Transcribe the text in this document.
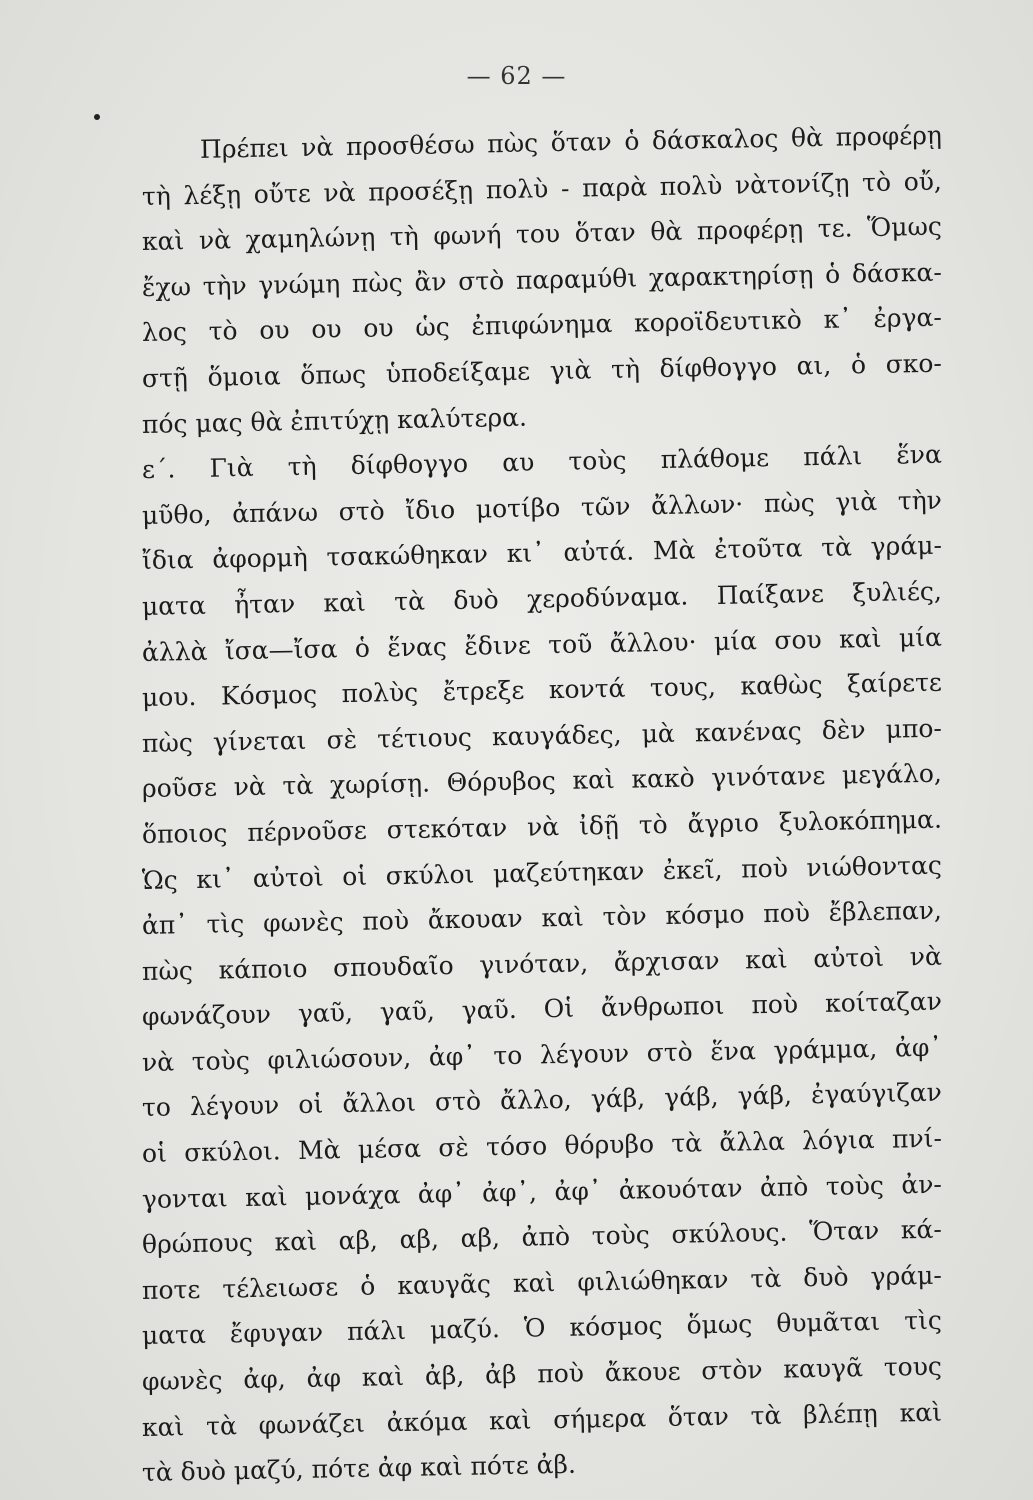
— 62 —
Πρέπει νὰ προσθέσω πὼς ὅταν ὁ δάσκαλος θὰ προφέρῃ
τὴ λέξῃ οὔτε νὰ προσέξῃ πολὺ - παρὰ πολὺ νὰτονίζῃ τὸ οὔ,
καὶ νὰ χαμηλώνῃ τὴ φωνή του ὅταν θὰ προφέρῃ τε. Ὅμως
ἔχω τὴν γνώμη πὼς ἂν στὸ παραμύθι χαρακτηρίσῃ ὁ δάσκα-
λος τὸ ου ου ου ὡς ἐπιφώνημα κοροϊδευτικὸ κ᾽ ἐργα-
στῇ ὅμοια ὅπως ὑποδείξαμε γιὰ τὴ δίφθογγο αι, ὁ σκο-
πός μας θὰ ἐπιτύχῃ καλύτερα.
ε΄. Γιὰ τὴ δίφθογγο αυ τοὺς πλάθομε πάλι ἕνα
μῦθο, ἀπάνω στὸ ἴδιο μοτίβο τῶν ἄλλων· πὼς γιὰ τὴν
ἴδια ἀφορμὴ τσακώθηκαν κι᾽ αὐτά. Μὰ ἐτοῦτα τὰ γράμ-
ματα ἦταν καὶ τὰ δυὸ χεροδύναμα. Παίξανε ξυλιές,
ἀλλὰ ἴσα—ἴσα ὁ ἕνας ἔδινε τοῦ ἄλλου· μία σου καὶ μία
μου. Κόσμος πολὺς ἔτρεξε κοντά τους, καθὼς ξαίρετε
πὼς γίνεται σὲ τέτιους καυγάδες, μὰ κανένας δὲν μπο-
ροῦσε νὰ τὰ χωρίσῃ. Θόρυβος καὶ κακὸ γινότανε μεγάλο,
ὅποιος πέρνοῦσε στεκόταν νὰ ἰδῇ τὸ ἄγριο ξυλοκόπημα.
Ὡς κι᾽ αὐτοὶ οἱ σκύλοι μαζεύτηκαν ἐκεῖ, ποὺ νιώθοντας
ἀπ᾽ τὶς φωνὲς ποὺ ἄκουαν καὶ τὸν κόσμο ποὺ ἔβλεπαν,
πὼς κάποιο σπουδαῖο γινόταν, ἄρχισαν καὶ αὐτοὶ νὰ
φωνάζουν γαῦ, γαῦ, γαῦ. Οἱ ἄνθρωποι ποὺ κοίταζαν
νὰ τοὺς φιλιώσουν, ἀφ᾽ το λέγουν στὸ ἕνα γράμμα, ἀφ᾽
το λέγουν οἱ ἄλλοι στὸ ἄλλο, γάβ, γάβ, γάβ, ἐγαύγιζαν
οἱ σκύλοι. Μὰ μέσα σὲ τόσο θόρυβο τὰ ἄλλα λόγια πνί-
γονται καὶ μονάχα ἀφ᾽ ἀφ᾽, ἀφ᾽ ἀκουόταν ἀπὸ τοὺς ἀν-
θρώπους καὶ αβ, αβ, αβ, ἀπὸ τοὺς σκύλους. Ὅταν κά-
ποτε τέλειωσε ὁ καυγᾶς καὶ φιλιώθηκαν τὰ δυὸ γράμ-
ματα ἔφυγαν πάλι μαζύ. Ὁ κόσμος ὅμως θυμᾶται τὶς
φωνὲς ἀφ, ἀφ καὶ ἀβ, ἀβ ποὺ ἄκουε στὸν καυγᾶ τους
καὶ τὰ φωνάζει ἀκόμα καὶ σήμερα ὅταν τὰ βλέπῃ καὶ
τὰ δυὸ μαζύ, πότε ἀφ καὶ πότε ἀβ.
